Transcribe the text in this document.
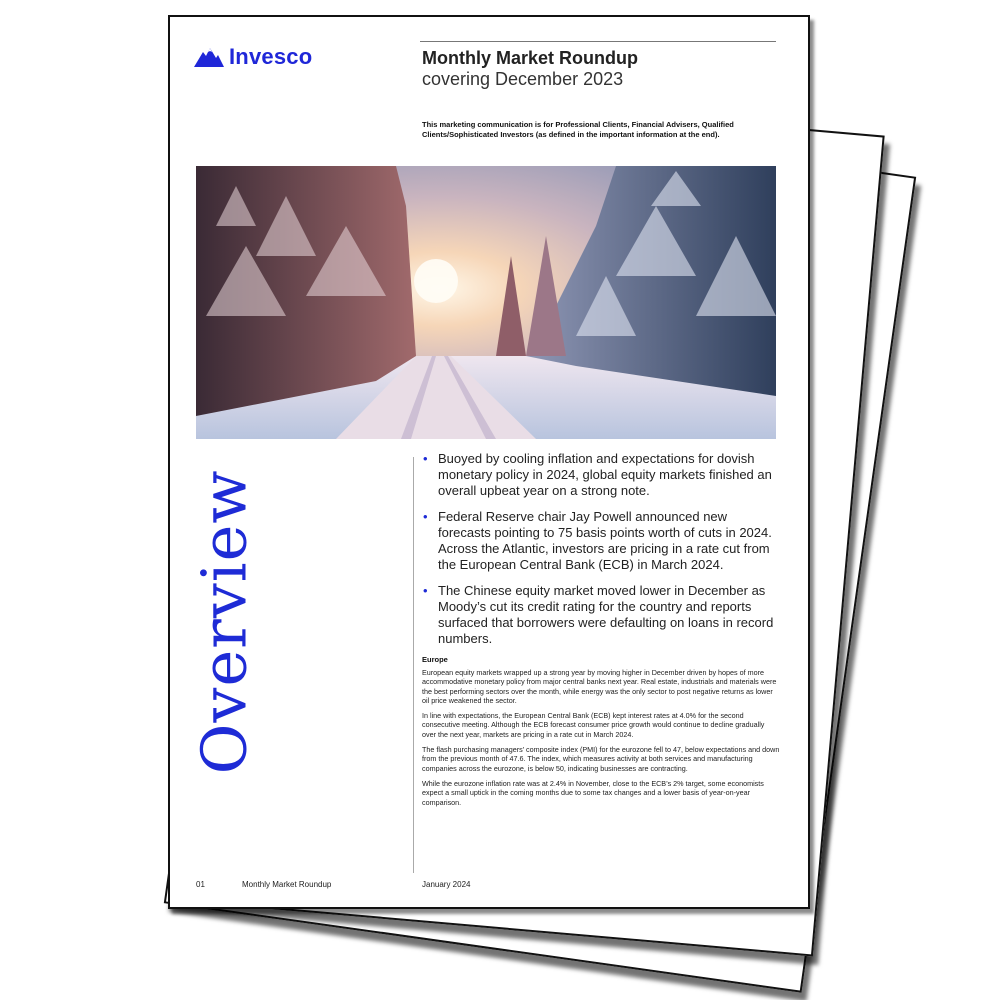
Invesco	Monthly Market Roundup
covering December 2023
This marketing communication is for Professional Clients, Financial Advisers, Qualified Clients/Sophisticated Investors (as defined in the important information at the end).
Overview
• Buoyed by cooling inflation and expectations for dovish monetary policy in 2024, global equity markets finished an overall upbeat year on a strong note.
• Federal Reserve chair Jay Powell announced new forecasts pointing to 75 basis points worth of cuts in 2024. Across the Atlantic, investors are pricing in a rate cut from the European Central Bank (ECB) in March 2024.
• The Chinese equity market moved lower in December as Moody’s cut its credit rating for the country and reports surfaced that borrowers were defaulting on loans in record numbers.
Europe

European equity markets wrapped up a strong year by moving higher in December driven by hopes of more accommodative monetary policy from major central banks next year. Real estate, industrials and materials were the best performing sectors over the month, while energy was the only sector to post negative returns as lower oil price weakened the sector.

In line with expectations, the European Central Bank (ECB) kept interest rates at 4.0% for the second consecutive meeting. Although the ECB forecast consumer price growth would continue to decline gradually over the next year, markets are pricing in a rate cut in March 2024.

The flash purchasing managers’ composite index (PMI) for the eurozone fell to 47, below expectations and down from the previous month of 47.6. The index, which measures activity at both services and manufacturing companies across the eurozone, is below 50, indicating businesses are contracting.

While the eurozone inflation rate was at 2.4% in November, close to the ECB’s 2% target, some economists expect a small uptick in the coming months due to some tax changes and a lower basis of year-on-year comparison.

01	Monthly Market Roundup	January 2024
